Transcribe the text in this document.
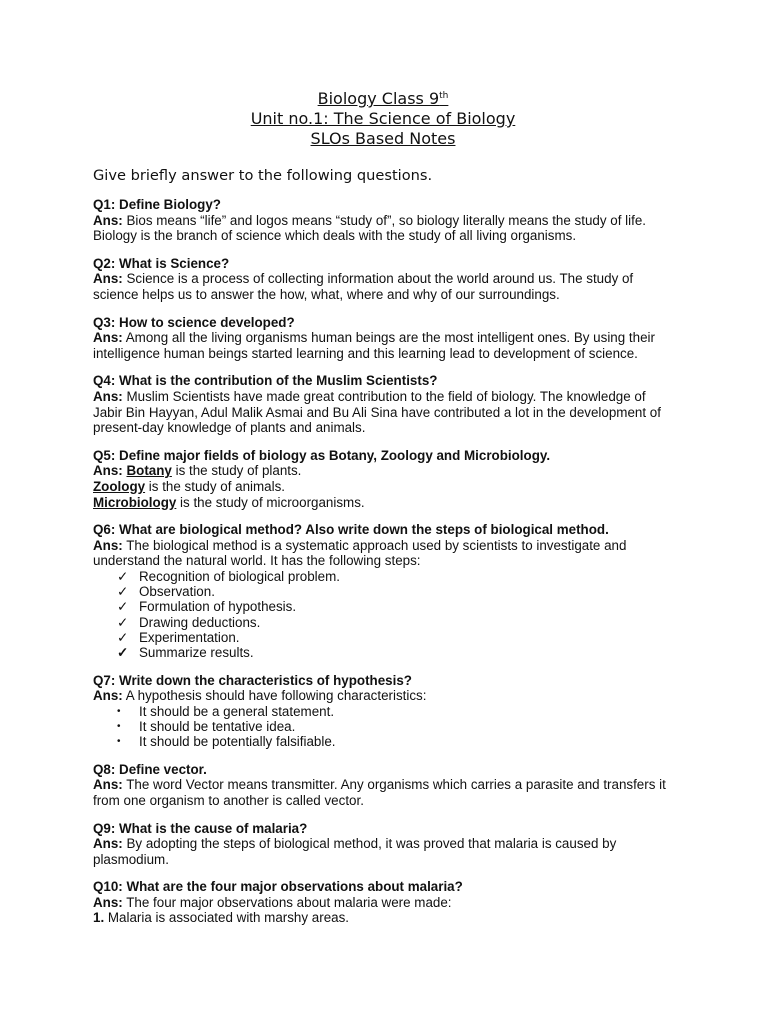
Biology Class 9th
Unit no.1: The Science of Biology
SLOs Based Notes
Give briefly answer to the following questions.
Q1: Define Biology?
Ans: Bios means “life” and logos means “study of”, so biology literally means the study of life. Biology is the branch of science which deals with the study of all living organisms.
Q2: What is Science?
Ans: Science is a process of collecting information about the world around us. The study of science helps us to answer the how, what, where and why of our surroundings.
Q3: How to science developed?
Ans: Among all the living organisms human beings are the most intelligent ones. By using their intelligence human beings started learning and this learning lead to development of science.
Q4: What is the contribution of the Muslim Scientists?
Ans: Muslim Scientists have made great contribution to the field of biology. The knowledge of Jabir Bin Hayyan, Adul Malik Asmai and Bu Ali Sina have contributed a lot in the development of present-day knowledge of plants and animals.
Q5: Define major fields of biology as Botany, Zoology and Microbiology.
Ans: Botany is the study of plants.
Zoology is the study of animals.
Microbiology is the study of microorganisms.
Q6: What are biological method? Also write down the steps of biological method.
Ans: The biological method is a systematic approach used by scientists to investigate and understand the natural world. It has the following steps:
✓ Recognition of biological problem.
✓ Observation.
✓ Formulation of hypothesis.
✓ Drawing deductions.
✓ Experimentation.
✓ Summarize results.
Q7: Write down the characteristics of hypothesis?
Ans: A hypothesis should have following characteristics:
•	It should be a general statement.
•	It should be tentative idea.
•	It should be potentially falsifiable.
Q8: Define vector.
Ans: The word Vector means transmitter. Any organisms which carries a parasite and transfers it from one organism to another is called vector.
Q9: What is the cause of malaria?
Ans: By adopting the steps of biological method, it was proved that malaria is caused by plasmodium.
Q10: What are the four major observations about malaria?
Ans: The four major observations about malaria were made:
1. Malaria is associated with marshy areas.
